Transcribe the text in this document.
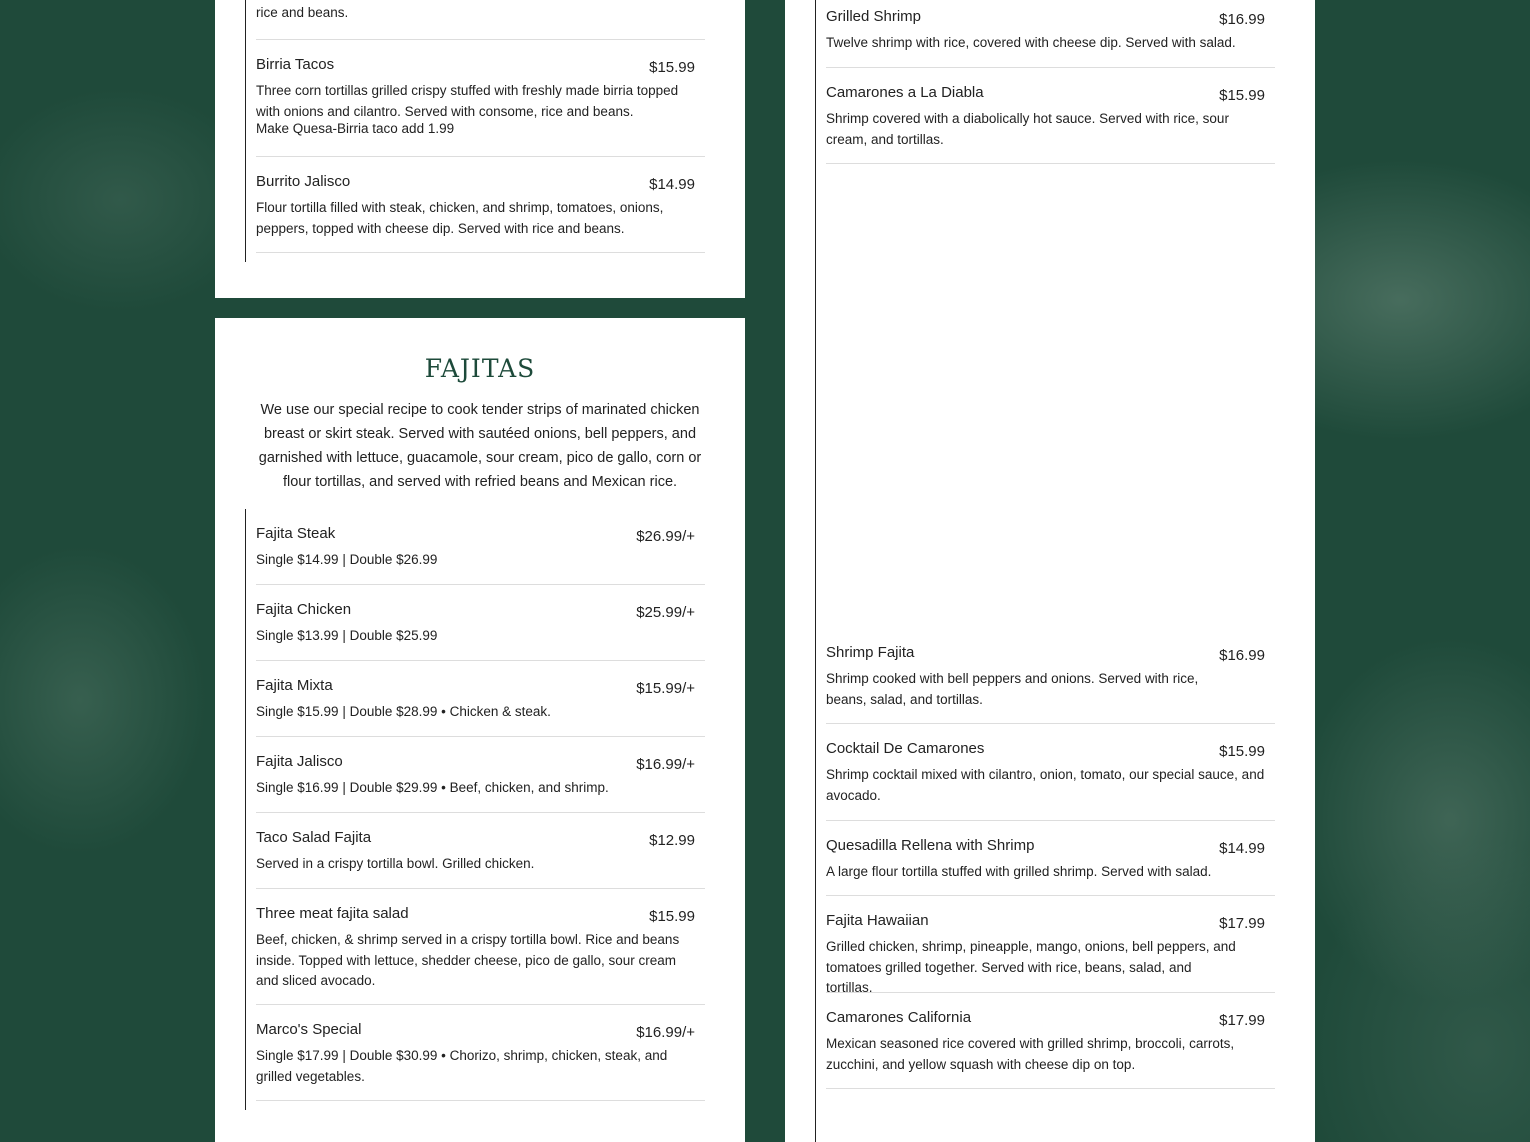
rice and beans.
Birria Tacos	$15.99
Three corn tortillas grilled crispy stuffed with freshly made birria topped with onions and cilantro. Served with consome, rice and beans.
Make Quesa-Birria taco add 1.99
Burrito Jalisco	$14.99
Flour tortilla filled with steak, chicken, and shrimp, tomatoes, onions, peppers, topped with cheese dip. Served with rice and beans.
FAJITAS
We use our special recipe to cook tender strips of marinated chicken breast or skirt steak. Served with sautéed onions, bell peppers, and garnished with lettuce, guacamole, sour cream, pico de gallo, corn or flour tortillas, and served with refried beans and Mexican rice.
Fajita Steak	$26.99/+
Single $14.99 | Double $26.99
Fajita Chicken	$25.99/+
Single $13.99 | Double $25.99
Fajita Mixta	$15.99/+
Single $15.99 | Double $28.99 • Chicken & steak.
Fajita Jalisco	$16.99/+
Single $16.99 | Double $29.99 • Beef, chicken, and shrimp.
Taco Salad Fajita	$12.99
Served in a crispy tortilla bowl. Grilled chicken.
Three meat fajita salad	$15.99
Beef, chicken, & shrimp served in a crispy tortilla bowl. Rice and beans inside. Topped with lettuce, shedder cheese, pico de gallo, sour cream and sliced avocado.
Marco's Special	$16.99/+
Single $17.99 | Double $30.99 • Chorizo, shrimp, chicken, steak, and grilled vegetables.
Grilled Shrimp	$16.99
Twelve shrimp with rice, covered with cheese dip. Served with salad.
Camarones a La Diabla	$15.99
Shrimp covered with a diabolically hot sauce. Served with rice, sour cream, and tortillas.
Shrimp Fajita	$16.99
Shrimp cooked with bell peppers and onions. Served with rice, beans, salad, and tortillas.
Cocktail De Camarones	$15.99
Shrimp cocktail mixed with cilantro, onion, tomato, our special sauce, and avocado.
Quesadilla Rellena with Shrimp	$14.99
A large flour tortilla stuffed with grilled shrimp. Served with salad.
Fajita Hawaiian	$17.99
Grilled chicken, shrimp, pineapple, mango, onions, bell peppers, and tomatoes grilled together. Served with rice, beans, salad, and tortillas.
Camarones California	$17.99
Mexican seasoned rice covered with grilled shrimp, broccoli, carrots, zucchini, and yellow squash with cheese dip on top.
